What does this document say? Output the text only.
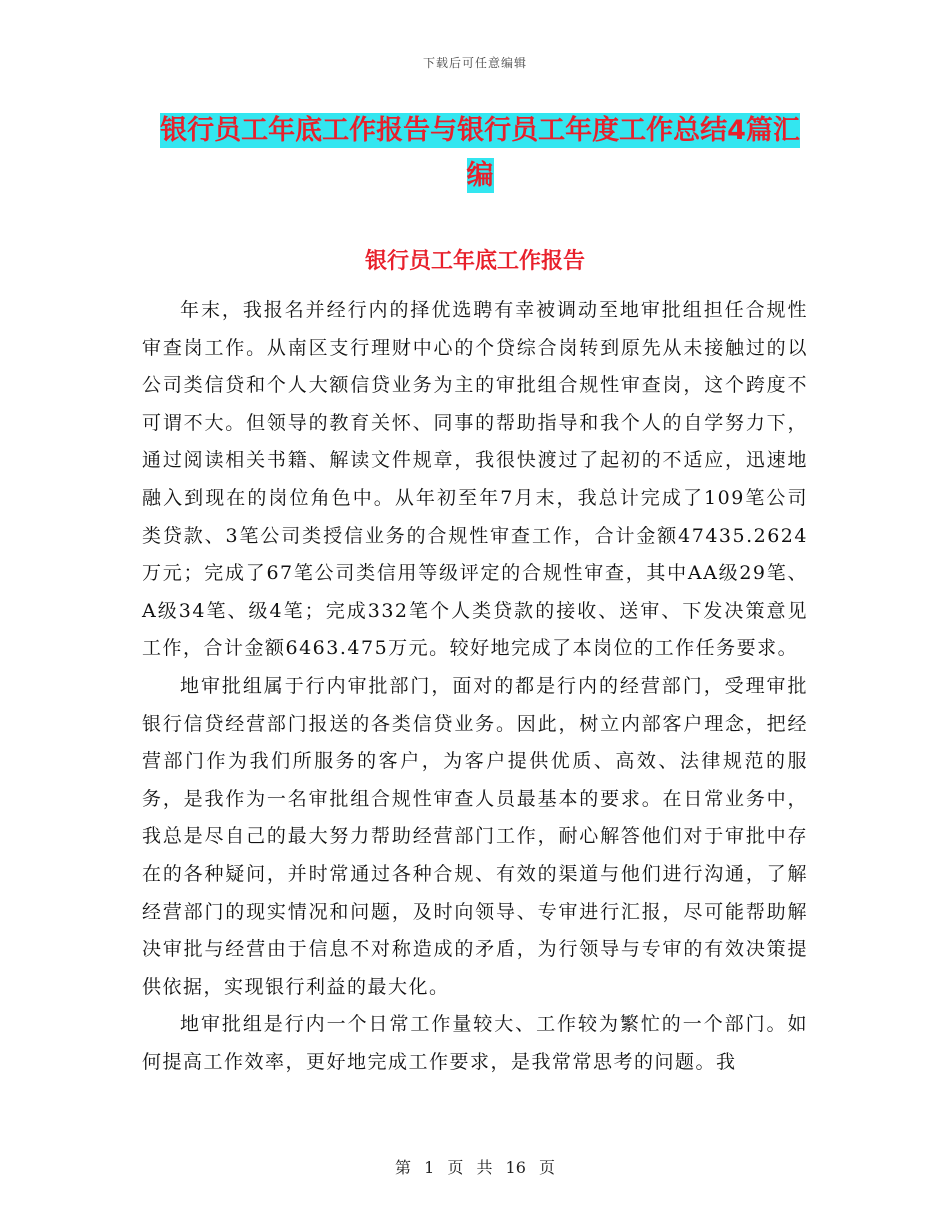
下载后可任意编辑
银行员工年底工作报告与银行员工年度工作总结4篇汇编
银行员工年底工作报告

年末，我报名并经行内的择优选聘有幸被调动至地审批组担任合规性审查岗工作。从南区支行理财中心的个贷综合岗转到原先从未接触过的以公司类信贷和个人大额信贷业务为主的审批组合规性审查岗，这个跨度不可谓不大。但领导的教育关怀、同事的帮助指导和我个人的自学努力下，通过阅读相关书籍、解读文件规章，我很快渡过了起初的不适应，迅速地融入到现在的岗位角色中。从年初至年7月末，我总计完成了109笔公司类贷款、3笔公司类授信业务的合规性审查工作，合计金额47435.2624万元；完成了67笔公司类信用等级评定的合规性审查，其中AA级29笔、A级34笔、级4笔；完成332笔个人类贷款的接收、送审、下发决策意见工作，合计金额6463.475万元。较好地完成了本岗位的工作任务要求。

地审批组属于行内审批部门，面对的都是行内的经营部门，受理审批银行信贷经营部门报送的各类信贷业务。因此，树立内部客户理念，把经营部门作为我们所服务的客户，为客户提供优质、高效、法律规范的服务，是我作为一名审批组合规性审查人员最基本的要求。在日常业务中，我总是尽自己的最大努力帮助经营部门工作，耐心解答他们对于审批中存在的各种疑问，并时常通过各种合规、有效的渠道与他们进行沟通，了解经营部门的现实情况和问题，及时向领导、专审进行汇报，尽可能帮助解决审批与经营由于信息不对称造成的矛盾，为行领导与专审的有效决策提供依据，实现银行利益的最大化。

地审批组是行内一个日常工作量较大、工作较为繁忙的一个部门。如何提高工作效率，更好地完成工作要求，是我常常思考的问题。我

第 1 页 共 16 页
